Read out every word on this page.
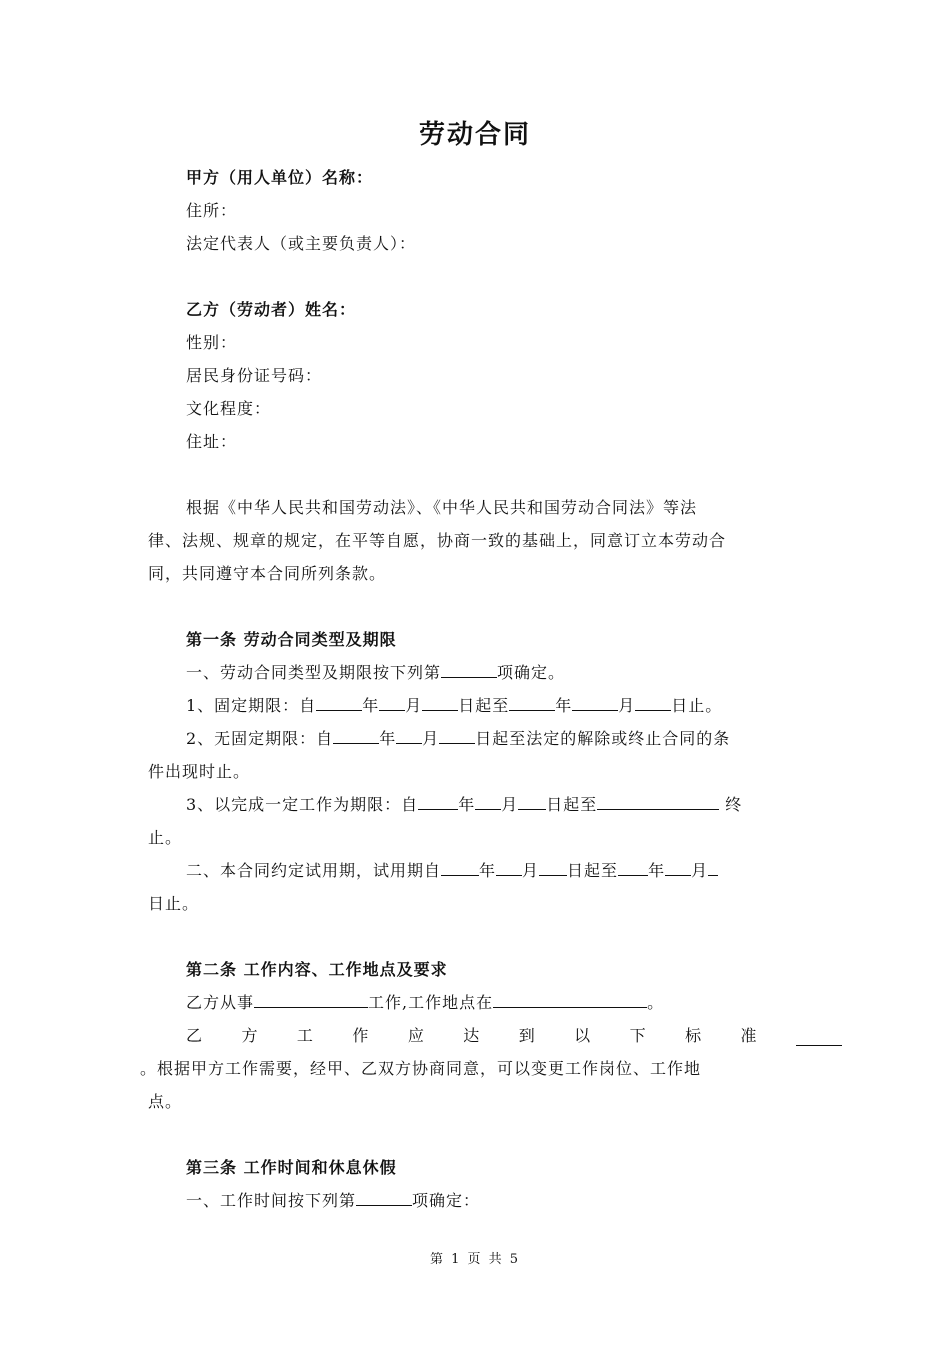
劳动合同
甲方（用人单位）名称：
住所：
法定代表人（或主要负责人）：
乙方（劳动者）姓名：
性别：
居民身份证号码：
文化程度：
住址：
根据《中华人民共和国劳动法》、《中华人民共和国劳动合同法》等法
律、法规、规章的规定，在平等自愿，协商一致的基础上，同意订立本劳动合
同，共同遵守本合同所列条款。
第一条 劳动合同类型及期限
一、劳动合同类型及期限按下列第	项确定。
1、固定期限：自	年 月 日起至	年	月 日止。
2、无固定期限：自	年 月 日起至法定的解除或终止合同的条
件出现时止。
3、以完成一定工作为期限：自	年 月 日起至	终
止。
二、本合同约定试用期，试用期自 年 月 日起至 年 月
日止。
第二条 工作内容、工作地点及要求
乙方从事	工作,工作地点在	。
乙 方 工 作 应 达 到 以 下 标 准
。根据甲方工作需要，经甲、乙双方协商同意，可以变更工作岗位、工作地
点。
第三条 工作时间和休息休假
一、工作时间按下列第	项确定：
第 1 页 共 5
